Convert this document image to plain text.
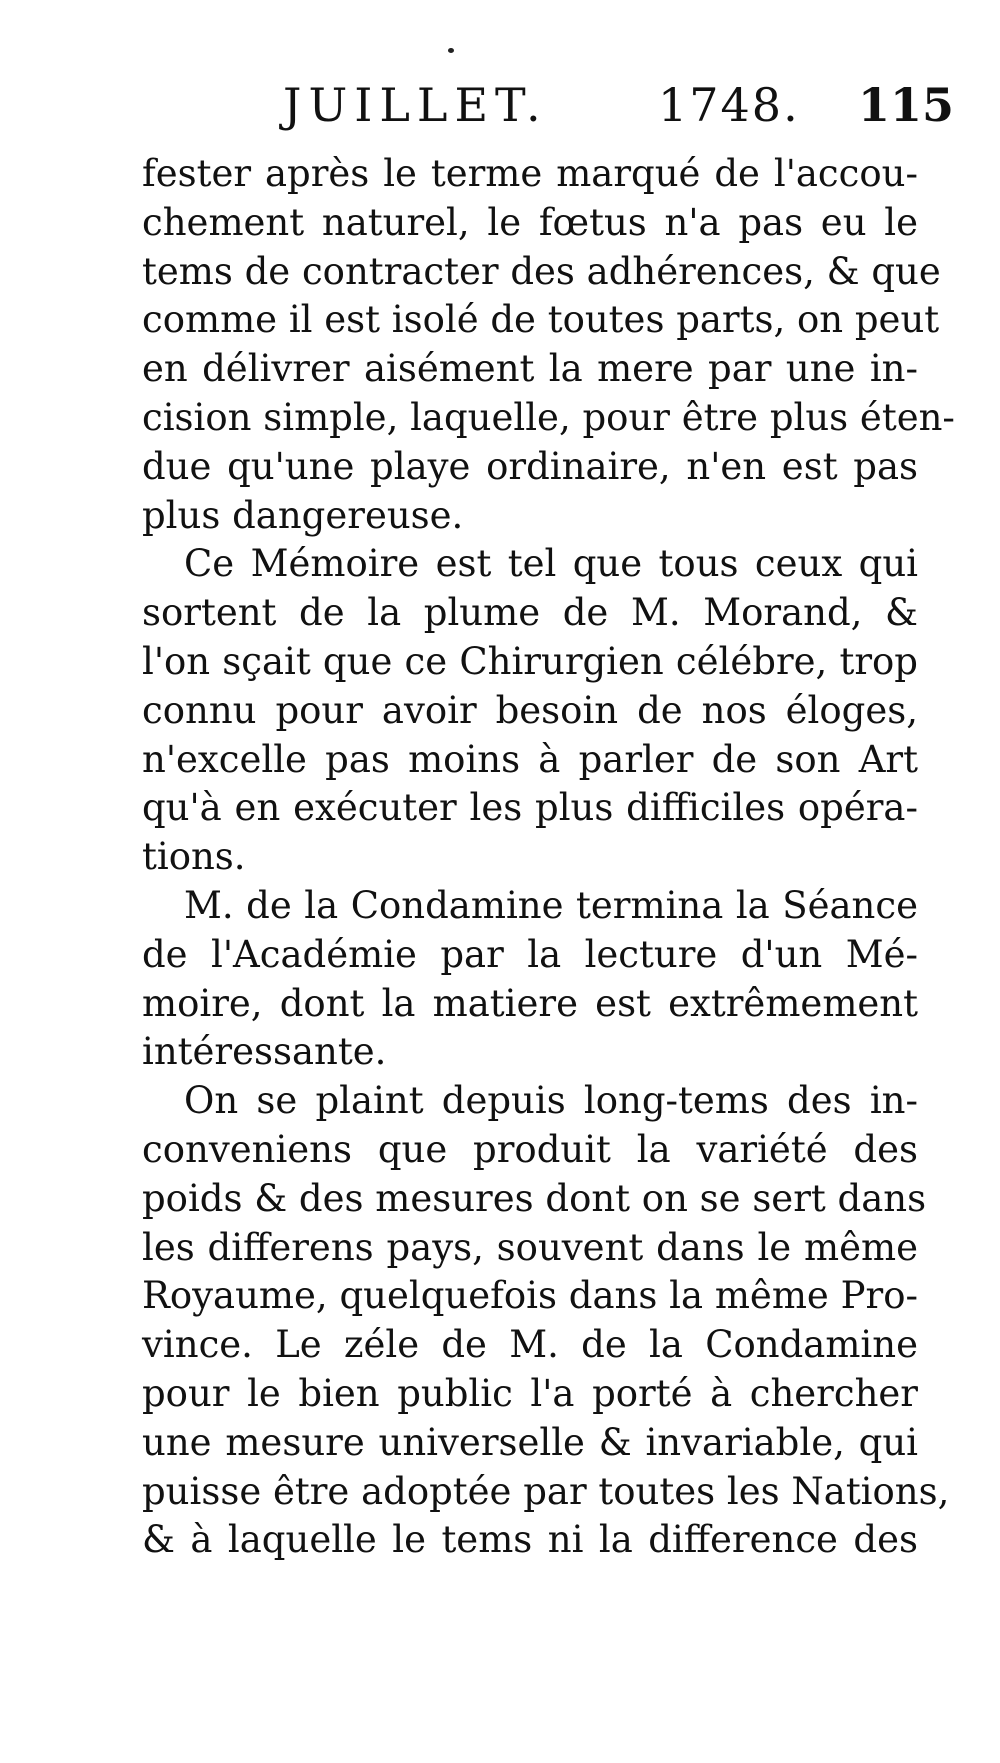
JUILLET. 1748. 115
fester après le terme marqué de l'accou-
chement naturel, le fœtus n'a pas eu le
tems de contracter des adhérences, & que
comme il est isolé de toutes parts, on peut
en délivrer aisément la mere par une in-
cision simple, laquelle, pour être plus éten-
due qu'une playe ordinaire, n'en est pas
plus dangereuse.
Ce Mémoire est tel que tous ceux qui
sortent de la plume de M. Morand, &
l'on sçait que ce Chirurgien célébre, trop
connu pour avoir besoin de nos éloges,
n'excelle pas moins à parler de son Art
qu'à en exécuter les plus difficiles opéra-
tions.
M. de la Condamine termina la Séance
de l'Académie par la lecture d'un Mé-
moire, dont la matiere est extrêmement
intéressante.
On se plaint depuis long-tems des in-
conveniens que produit la variété des
poids & des mesures dont on se sert dans
les differens pays, souvent dans le même
Royaume, quelquefois dans la même Pro-
vince. Le zéle de M. de la Condamine
pour le bien public l'a porté à chercher
une mesure universelle & invariable, qui
puisse être adoptée par toutes les Nations,
& à laquelle le tems ni la difference des
